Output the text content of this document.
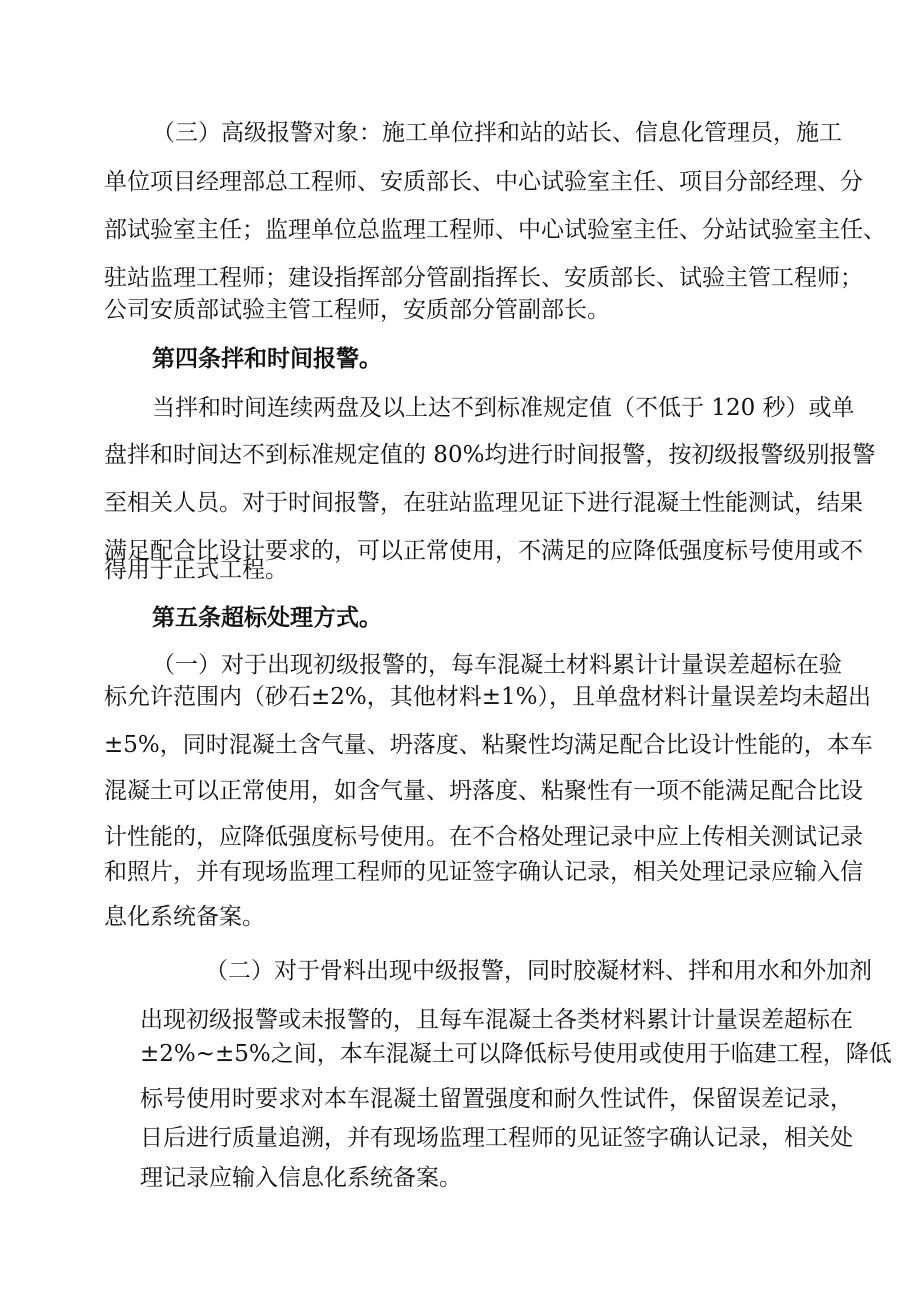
（三）高级报警对象：施工单位拌和站的站长、信息化管理员，施工
单位项目经理部总工程师、安质部长、中心试验室主任、项目分部经理、分
部试验室主任；监理单位总监理工程师、中心试验室主任、分站试验室主任、
驻站监理工程师；建设指挥部分管副指挥长、安质部长、试验主管工程师；
公司安质部试验主管工程师，安质部分管副部长。
第四条拌和时间报警。
当拌和时间连续两盘及以上达不到标准规定值（不低于 120 秒）或单
盘拌和时间达不到标准规定值的 80%均进行时间报警，按初级报警级别报警
至相关人员。对于时间报警，在驻站监理见证下进行混凝土性能测试，结果
满足配合比设计要求的，可以正常使用，不满足的应降低强度标号使用或不
得用于正式工程。
第五条超标处理方式。
（一）对于出现初级报警的，每车混凝土材料累计计量误差超标在验
标允许范围内（砂石±2%，其他材料±1%），且单盘材料计量误差均未超出
±5%，同时混凝土含气量、坍落度、粘聚性均满足配合比设计性能的，本车
混凝土可以正常使用，如含气量、坍落度、粘聚性有一项不能满足配合比设
计性能的，应降低强度标号使用。在不合格处理记录中应上传相关测试记录
和照片，并有现场监理工程师的见证签字确认记录，相关处理记录应输入信
息化系统备案。
（二）对于骨料出现中级报警，同时胶凝材料、拌和用水和外加剂
出现初级报警或未报警的，且每车混凝土各类材料累计计量误差超标在
±2%~±5%之间，本车混凝土可以降低标号使用或使用于临建工程，降低
标号使用时要求对本车混凝土留置强度和耐久性试件，保留误差记录，
日后进行质量追溯，并有现场监理工程师的见证签字确认记录，相关处
理记录应输入信息化系统备案。
